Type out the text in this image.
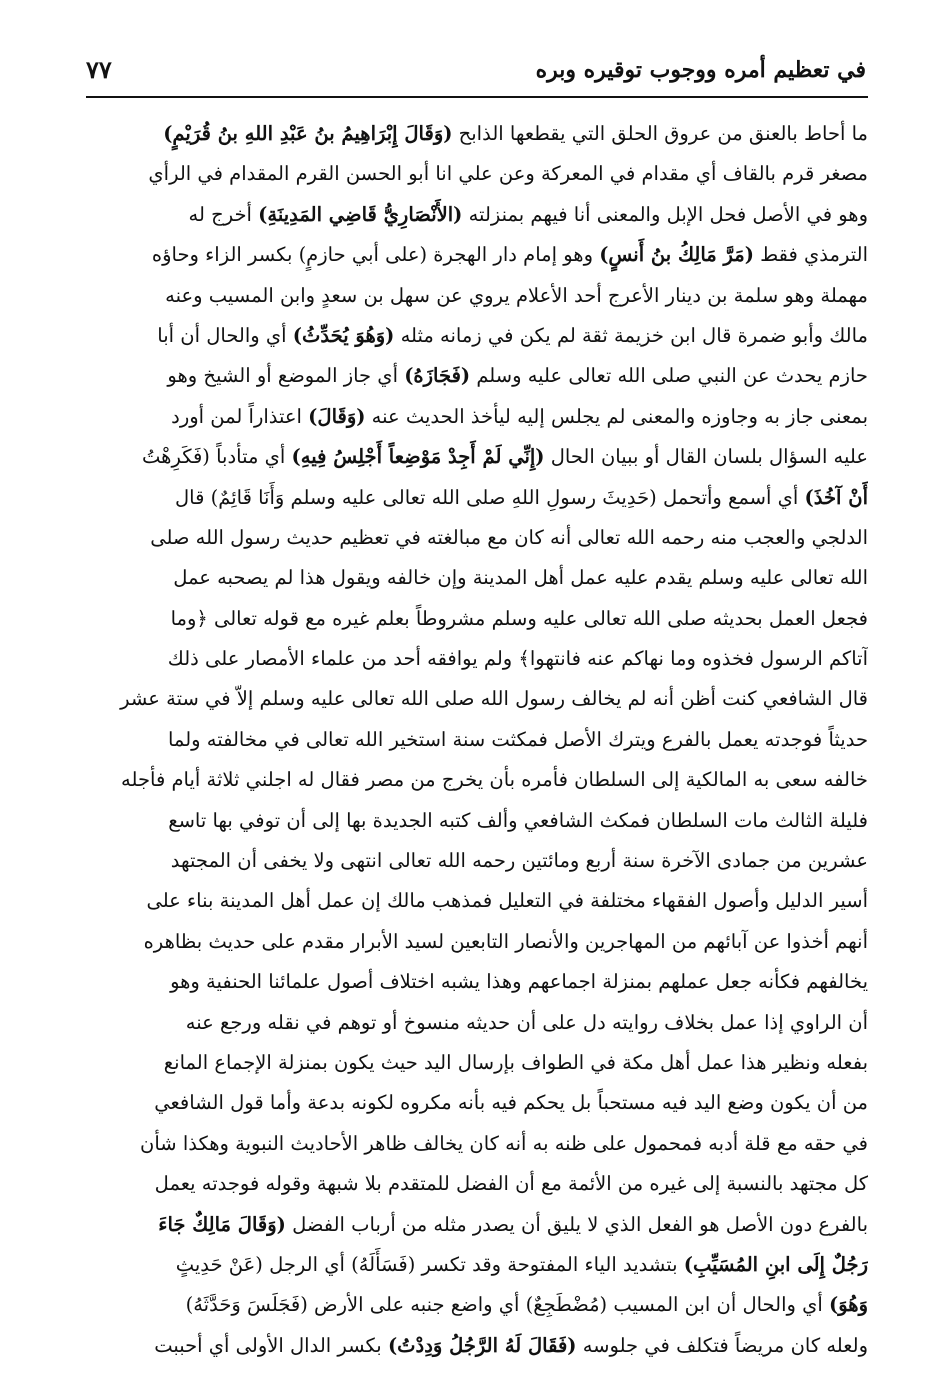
في تعظيم أمره ووجوب توقيره وبره
٧٧
ما أحاط بالعنق من عروق الحلق التي يقطعها الذابح (وَقَالَ إِبْرَاهِيمُ بنُ عَبْدِ اللهِ بنُ قُرَيْمٍ)
مصغر قرم بالقاف أي مقدام في المعركة وعن علي انا أبو الحسن القرم المقدام في الرأي
وهو في الأصل فحل الإبل والمعنى أنا فيهم بمنزلته (الأَنْصَارِيُّ قَاضِي المَدِينَةِ) أخرج له
الترمذي فقط (مَرَّ مَالِكُ بنُ أَنسٍ) وهو إمام دار الهجرة (على أبي حازمٍ) بكسر الزاء وحاؤه
مهملة وهو سلمة بن دينار الأعرج أحد الأعلام يروي عن سهل بن سعدٍ وابن المسيب وعنه
مالك وأبو ضمرة قال ابن خزيمة ثقة لم يكن في زمانه مثله (وَهُوَ يُحَدِّثُ) أي والحال أن أبا
حازم يحدث عن النبي صلى الله تعالى عليه وسلم (فَجَازَهُ) أي جاز الموضع أو الشيخ وهو
بمعنى جاز به وجاوزه والمعنى لم يجلس إليه ليأخذ الحديث عنه (وَقَالَ) اعتذاراً لمن أورد
عليه السؤال بلسان القال أو ببيان الحال (إِنِّي لَمْ أَجِدْ مَوْضِعاً أَجْلِسُ فِيهِ) أي متأدباً (فَكَرِهْتُ
أَنْ آخُذَ) أي أسمع وأتحمل (حَدِيثَ رسولِ اللهِ صلى الله تعالى عليه وسلم وَأَنَا قَائِمٌ) قال
الدلجي والعجب منه رحمه الله تعالى أنه كان مع مبالغته في تعظيم حديث رسول الله صلى
الله تعالى عليه وسلم يقدم عليه عمل أهل المدينة وإن خالفه ويقول هذا لم يصحبه عمل
فجعل العمل بحديثه صلى الله تعالى عليه وسلم مشروطاً بعلم غيره مع قوله تعالى ﴿وما
آتاكم الرسول فخذوه وما نهاكم عنه فانتهوا﴾ ولم يوافقه أحد من علماء الأمصار على ذلك
قال الشافعي كنت أظن أنه لم يخالف رسول الله صلى الله تعالى عليه وسلم إلاّ في ستة عشر
حديثاً فوجدته يعمل بالفرع ويترك الأصل فمكثت سنة استخير الله تعالى في مخالفته ولما
خالفه سعى به المالكية إلى السلطان فأمره بأن يخرج من مصر فقال له اجلني ثلاثة أيام فأجله
فليلة الثالث مات السلطان فمكث الشافعي وألف كتبه الجديدة بها إلى أن توفي بها تاسع
عشرين من جمادى الآخرة سنة أربع ومائتين رحمه الله تعالى انتهى ولا يخفى أن المجتهد
أسير الدليل وأصول الفقهاء مختلفة في التعليل فمذهب مالك إن عمل أهل المدينة بناء على
أنهم أخذوا عن آبائهم من المهاجرين والأنصار التابعين لسيد الأبرار مقدم على حديث بظاهره
يخالفهم فكأنه جعل عملهم بمنزلة اجماعهم وهذا يشبه اختلاف أصول علمائنا الحنفية وهو
أن الراوي إذا عمل بخلاف روايته دل على أن حديثه منسوخ أو توهم في نقله ورجع عنه
بفعله ونظير هذا عمل أهل مكة في الطواف بإرسال اليد حيث يكون بمنزلة الإجماع المانع
من أن يكون وضع اليد فيه مستحباً بل يحكم فيه بأنه مكروه لكونه بدعة وأما قول الشافعي
في حقه مع قلة أدبه فمحمول على ظنه به أنه كان يخالف ظاهر الأحاديث النبوية وهكذا شأن
كل مجتهد بالنسبة إلى غيره من الأئمة مع أن الفضل للمتقدم بلا شبهة وقوله فوجدته يعمل
بالفرع دون الأصل هو الفعل الذي لا يليق أن يصدر مثله من أرباب الفضل (وَقَالَ مَالِكٌ جَاءَ
رَجُلٌ إِلَى ابنِ المُسَيِّبِ) بتشديد الياء المفتوحة وقد تكسر (فَسَأَلَهُ) أي الرجل (عَنْ حَدِيثٍ
وَهُوَ) أي والحال أن ابن المسيب (مُضْطَجِعٌ) أي واضع جنبه على الأرض (فَجَلَسَ وَحَدَّثَهُ)
ولعله كان مريضاً فتكلف في جلوسه (فَقَالَ لَهُ الرَّجُلُ وَدِدْتُ) بكسر الدال الأولى أي أحببت
